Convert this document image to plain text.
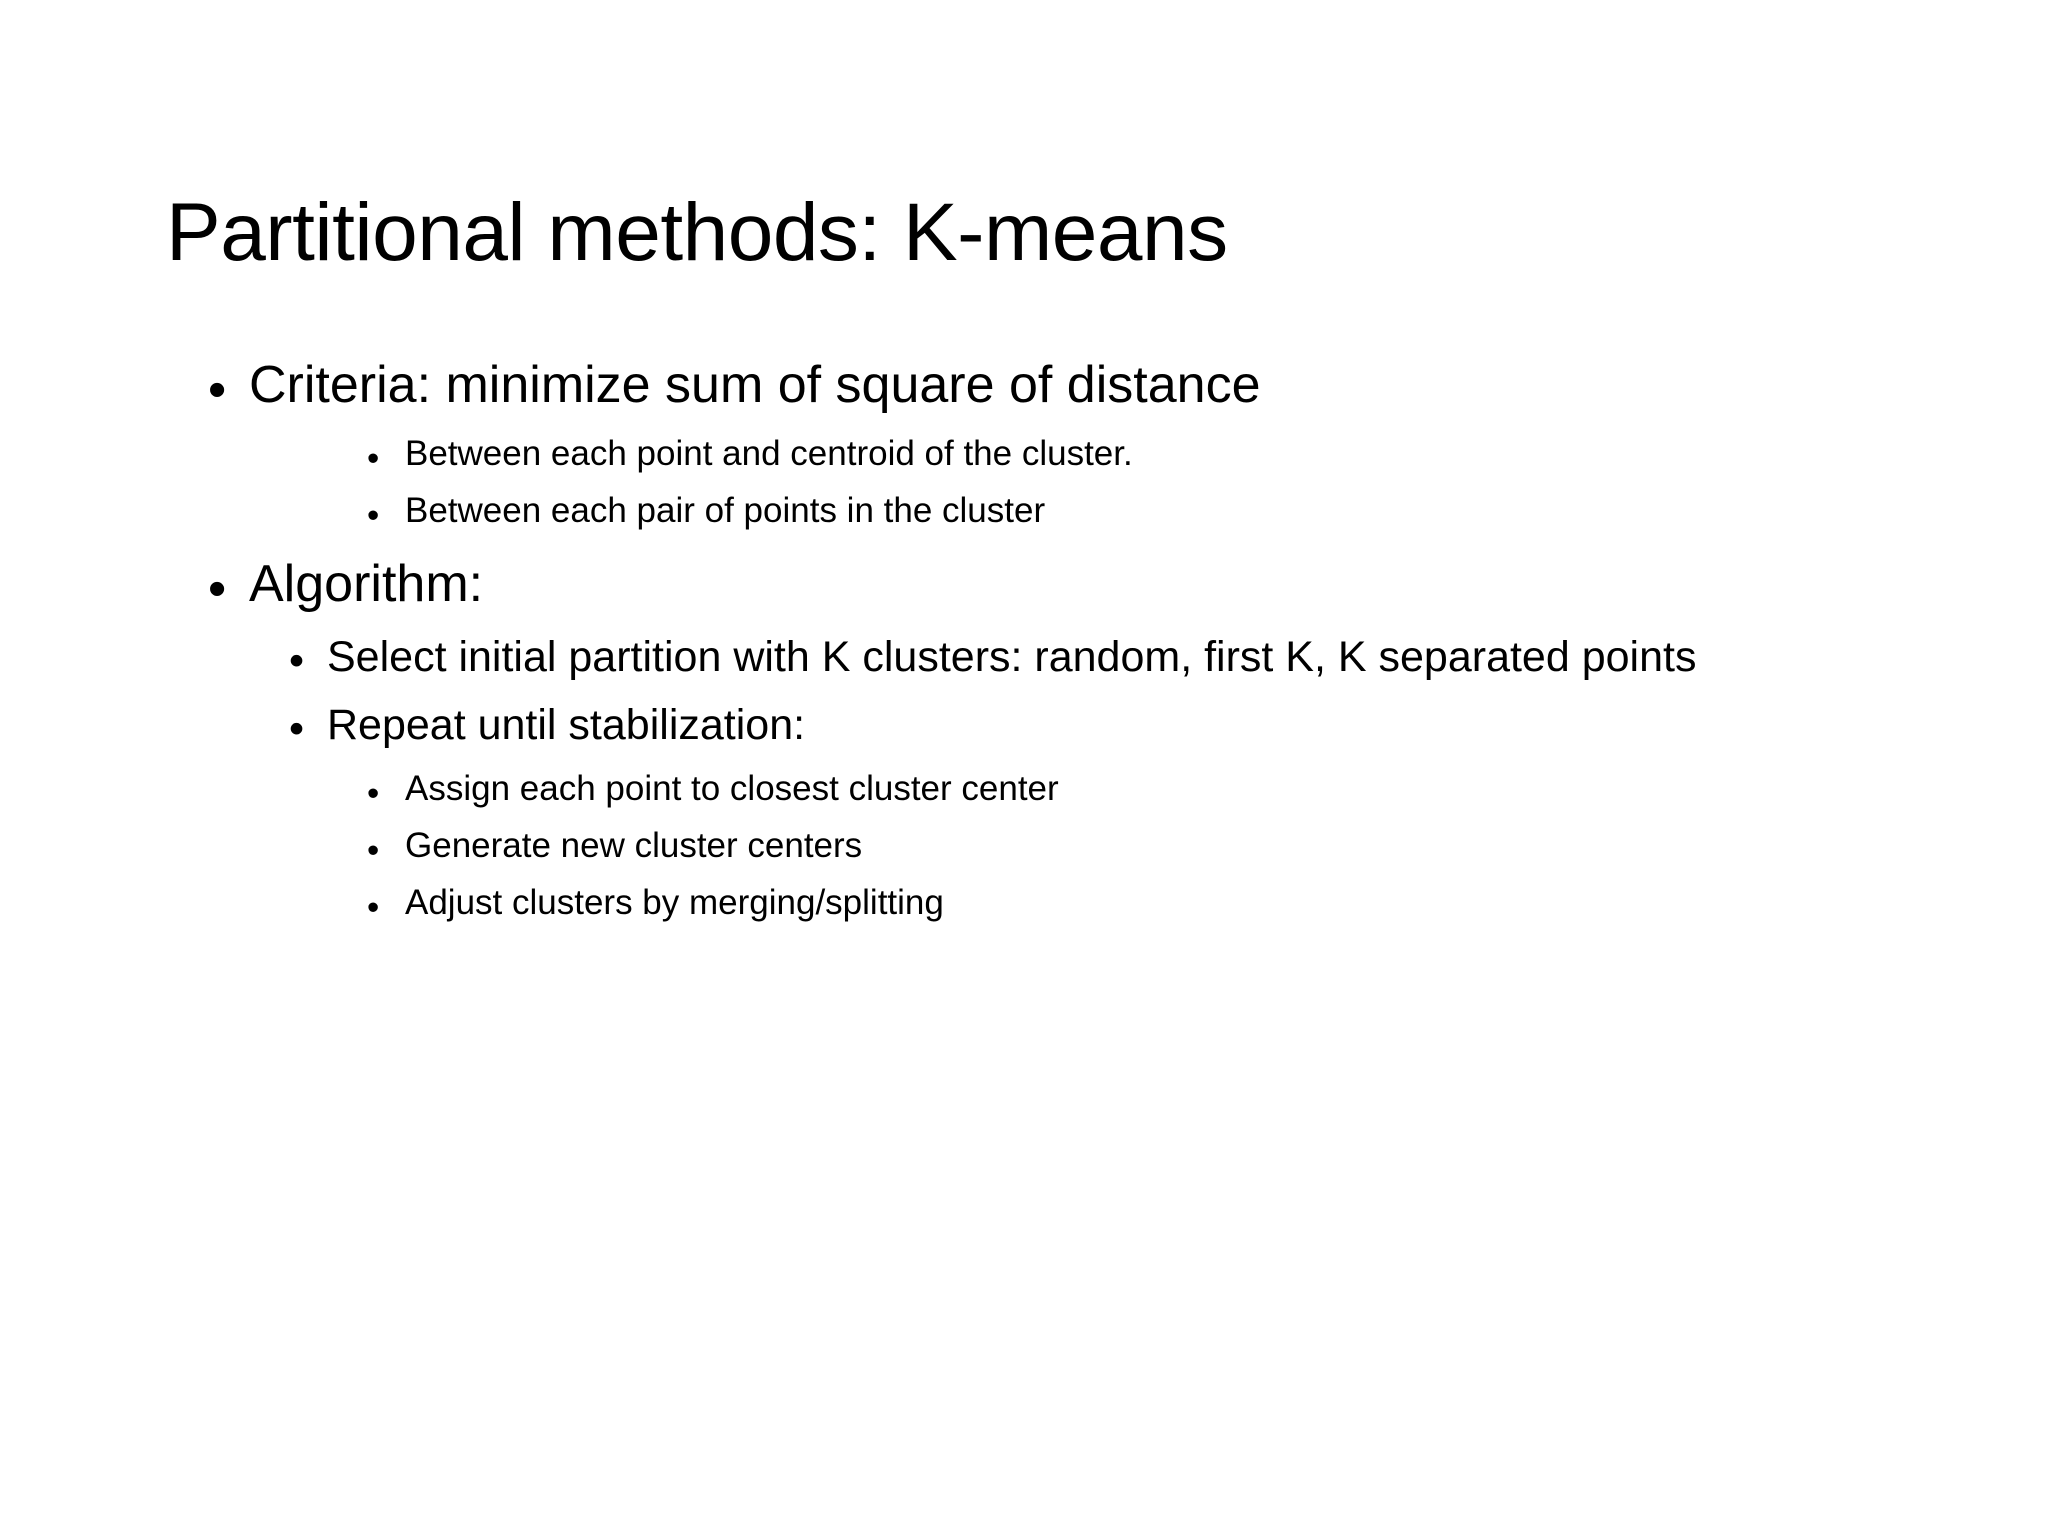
Partitional methods: K-means
• Criteria: minimize sum of square of distance
• Between each point and centroid of the cluster.
• Between each pair of points in the cluster
• Algorithm:
• Select initial partition with K clusters: random, first K, K separated points
• Repeat until stabilization:
• Assign each point to closest cluster center
• Generate new cluster centers
• Adjust clusters by merging/splitting
